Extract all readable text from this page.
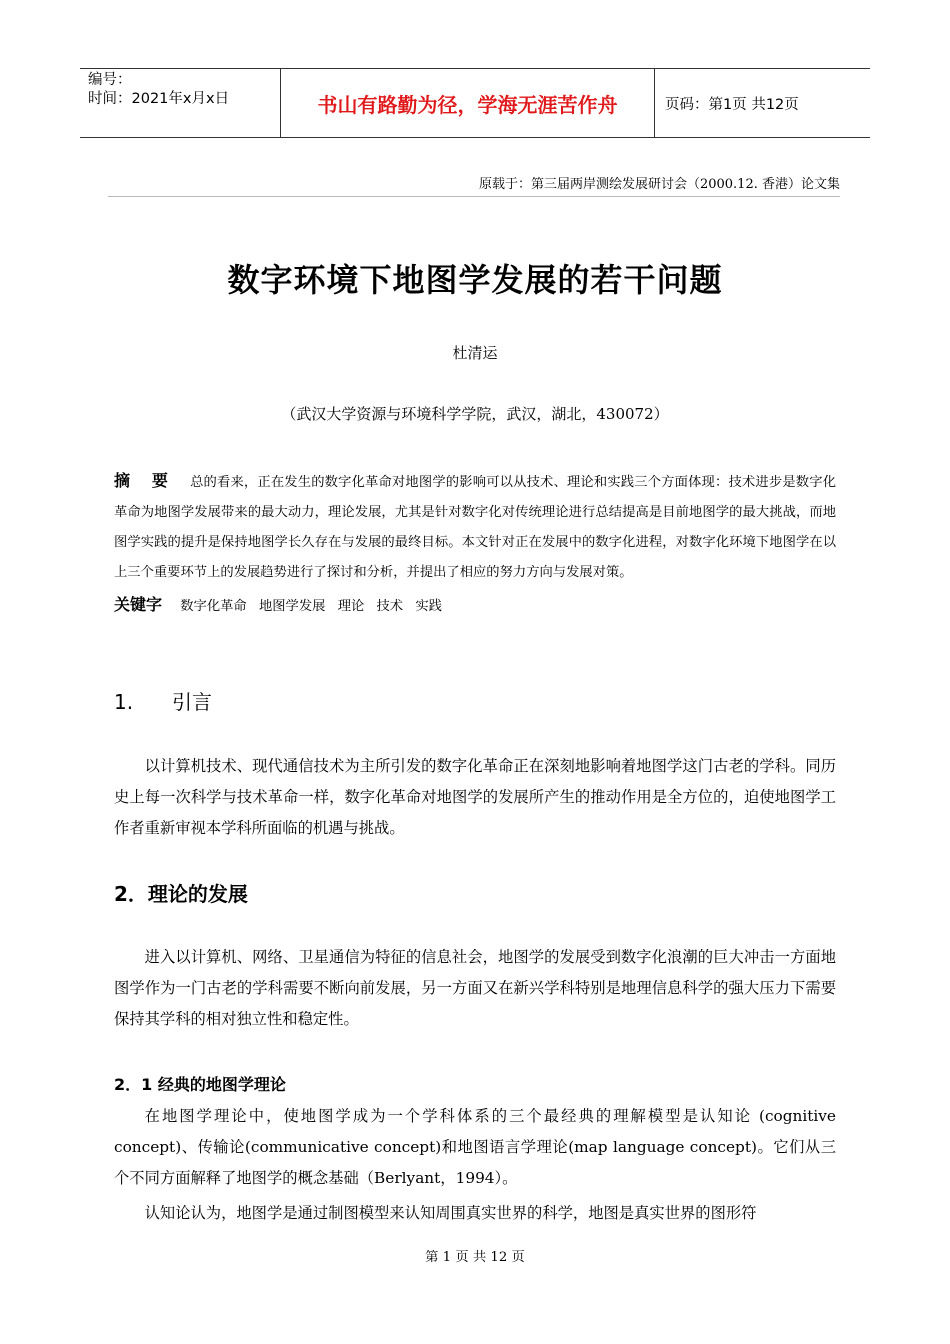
编号：
时间：2021年x月x日	书山有路勤为径，学海无涯苦作舟	页码：第1页 共12页
原载于：第三届两岸测绘发展研讨会（2000.12. 香港）论文集
数字环境下地图学发展的若干问题
杜清运
（武汉大学资源与环境科学学院，武汉，湖北，430072）
摘 要 总的看来，正在发生的数字化革命对地图学的影响可以从技术、理论和实践三个方面体现：技术进步是数字化革命为地图学发展带来的最大动力，理论发展，尤其是针对数字化对传统理论进行总结提高是目前地图学的最大挑战，而地图学实践的提升是保持地图学长久存在与发展的最终目标。本文针对正在发展中的数字化进程，对数字化环境下地图学在以上三个重要环节上的发展趋势进行了探讨和分析，并提出了相应的努力方向与发展对策。
关键字 数字化革命 地图学发展 理论 技术 实践
1. 引言
以计算机技术、现代通信技术为主所引发的数字化革命正在深刻地影响着地图学这门古老的学科。同历史上每一次科学与技术革命一样，数字化革命对地图学的发展所产生的推动作用是全方位的，迫使地图学工作者重新审视本学科所面临的机遇与挑战。
2．理论的发展
进入以计算机、网络、卫星通信为特征的信息社会，地图学的发展受到数字化浪潮的巨大冲击一方面地图学作为一门古老的学科需要不断向前发展，另一方面又在新兴学科特别是地理信息科学的强大压力下需要保持其学科的相对独立性和稳定性。
2．1 经典的地图学理论
在地图学理论中，使地图学成为一个学科体系的三个最经典的理解模型是认知论 (cognitive concept)、传输论(communicative concept)和地图语言学理论(map language concept)。它们从三个不同方面解释了地图学的概念基础（Berlyant，1994）。
认知论认为，地图学是通过制图模型来认知周围真实世界的科学，地图是真实世界的图形符
第 1 页 共 12 页
